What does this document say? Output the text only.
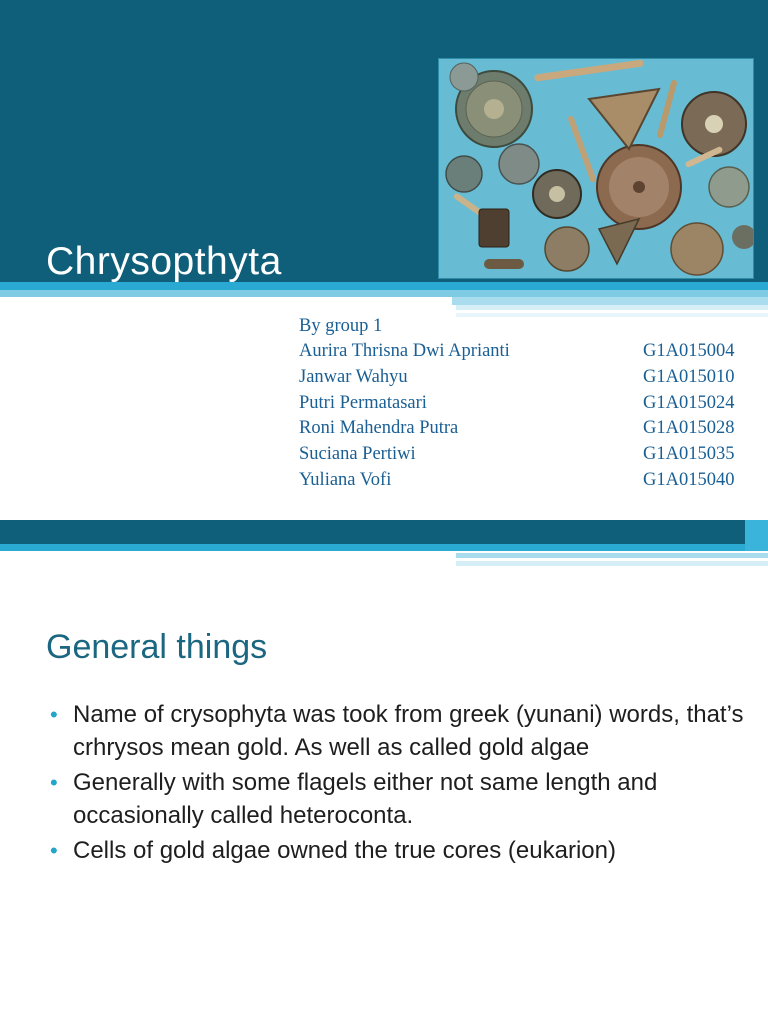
Chrysopthyta
By group 1
Aurira Thrisna Dwi Aprianti	G1A015004
Janwar Wahyu	G1A015010
Putri Permatasari	G1A015024
Roni Mahendra Putra	G1A015028
Suciana Pertiwi	G1A015035
Yuliana Vofi	G1A015040
General things
• Name of crysophyta was took from greek (yunani) words, that’s crhrysos mean gold. As well as called gold algae
• Generally with some flagels either not same length and occasionally called heteroconta.
• Cells of gold algae owned the true cores (eukarion)
